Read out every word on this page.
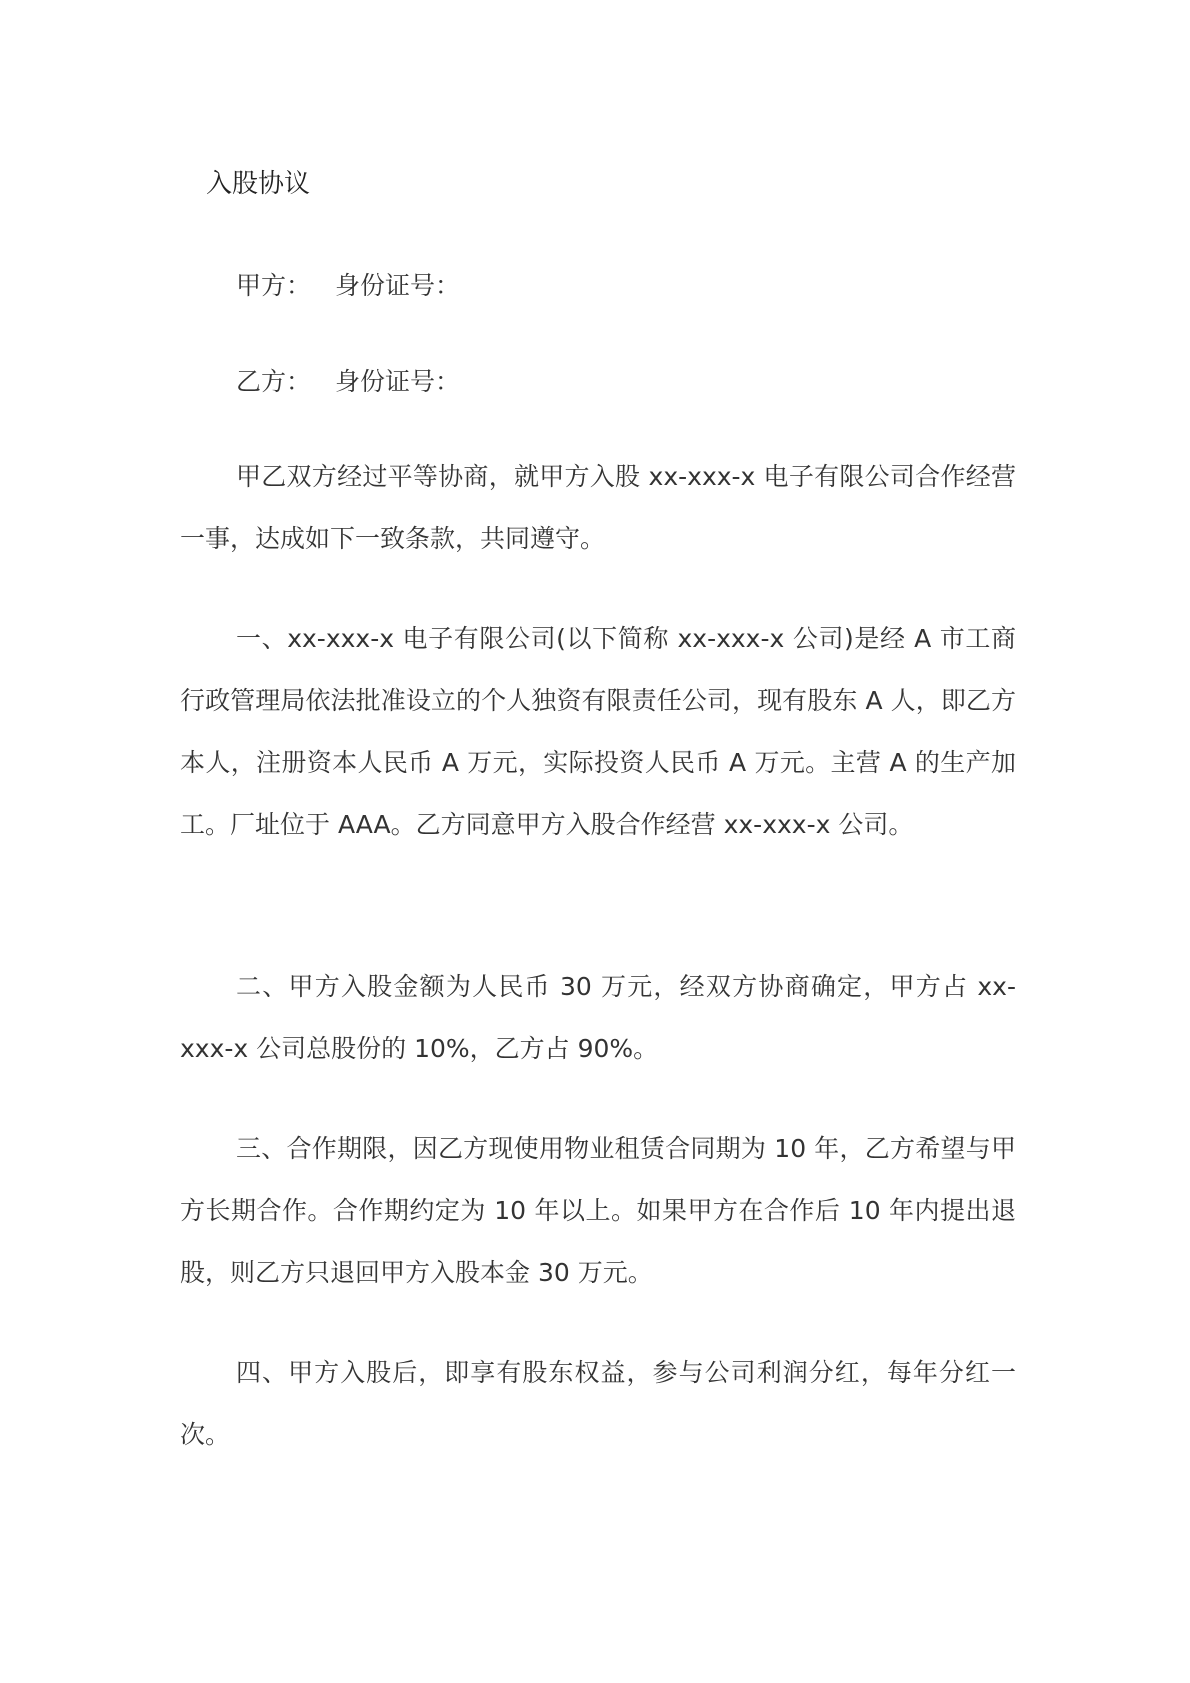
入股协议
甲方： 身份证号：
乙方： 身份证号：

甲乙双方经过平等协商，就甲方入股 xx-xxx-x 电子有限公司合作经营一事，达成如下一致条款，共同遵守。

一、xx-xxx-x 电子有限公司(以下简称 xx-xxx-x 公司)是经 A 市工商行政管理局依法批准设立的个人独资有限责任公司，现有股东 A 人，即乙方本人，注册资本人民币 A 万元，实际投资人民币 A 万元。主营 A 的生产加工。厂址位于 AAA。乙方同意甲方入股合作经营 xx-xxx-x 公司。

二、甲方入股金额为人民币 30 万元，经双方协商确定，甲方占 xx-xxx-x 公司总股份的 10%，乙方占 90%。

三、合作期限，因乙方现使用物业租赁合同期为 10 年，乙方希望与甲方长期合作。合作期约定为 10 年以上。如果甲方在合作后 10 年内提出退股，则乙方只退回甲方入股本金 30 万元。

四、甲方入股后，即享有股东权益，参与公司利润分红，每年分红一次。
